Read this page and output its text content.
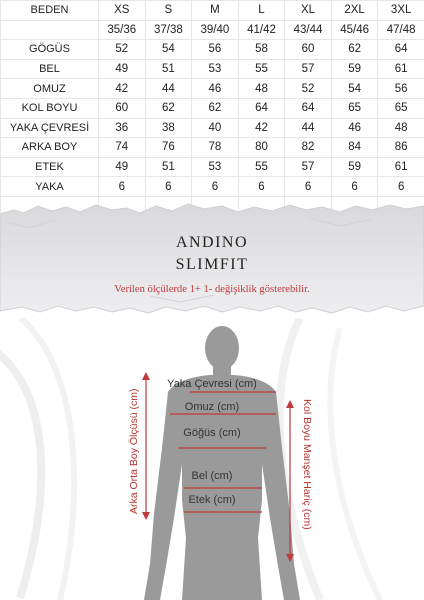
BEDEN	XS	S	M	L	XL	2XL	3XL
	35/36	37/38	39/40	41/42	43/44	45/46	47/48
GÖGÜS	52	54	56	58	60	62	64
BEL	49	51	53	55	57	59	61
OMUZ	42	44	46	48	52	54	56
KOL BOYU	60	62	62	64	64	65	65
YAKA ÇEVRESİ	36	38	40	42	44	46	48
ARKA BOY	74	76	78	80	82	84	86
ETEK	49	51	53	55	57	59	61
YAKA	6	6	6	6	6	6	6

ANDINO
SLIMFIT
Verilen ölçülerde 1+ 1- değişiklik gösterebilir.
Yaka Çevresi (cm)
Omuz (cm)
Göğüs (cm)
Bel (cm)
Etek (cm)
Arka Orta Boy Ölçüsü (cm)	Kol Boyu Manşet Hariç (cm)
